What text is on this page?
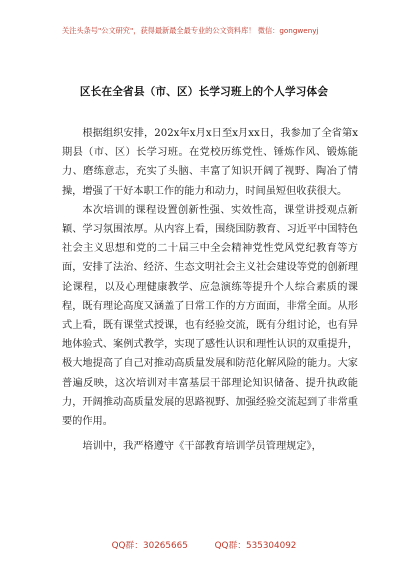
关注头条号"公文研究"，获得最新最全最专业的公文资料库！ 微信：gongwenyj
区长在全省县（市、区）长学习班上的个人学习体会

根据组织安排，202x年x月x日至x月xx日，我参加了全省第x期县（市、区）长学习班。在党校历练党性、锤炼作风、锻炼能力、磨练意志，充实了头脑、丰富了知识开阔了视野、陶冶了情操，增强了干好本职工作的能力和动力，时间虽短但收获很大。

本次培训的课程设置创新性强、实效性高，课堂讲授观点新颖、学习氛围浓厚。从内容上看，围绕国防教育、习近平中国特色社会主义思想和党的二十届三中全会精神党性党风党纪教育等方面，安排了法治、经济、生态文明社会主义社会建设等党的创新理论课程，以及心理健康教学、应急演练等提升个人综合素质的课程，既有理论高度又涵盖了日常工作的方方面面，非常全面。从形式上看，既有课堂式授课，也有经验交流，既有分组讨论，也有异地体验式、案例式教学，实现了感性认识和理性认识的双重提升，极大地提高了自己对推动高质量发展和防范化解风险的能力。大家普遍反映，这次培训对丰富基层干部理论知识储备、提升执政能力，开阔推动高质量发展的思路视野、加强经验交流起到了非常重要的作用。

培训中，我严格遵守《干部教育培训学员管理规定》，

QQ群：30265665	QQ群：535304092
